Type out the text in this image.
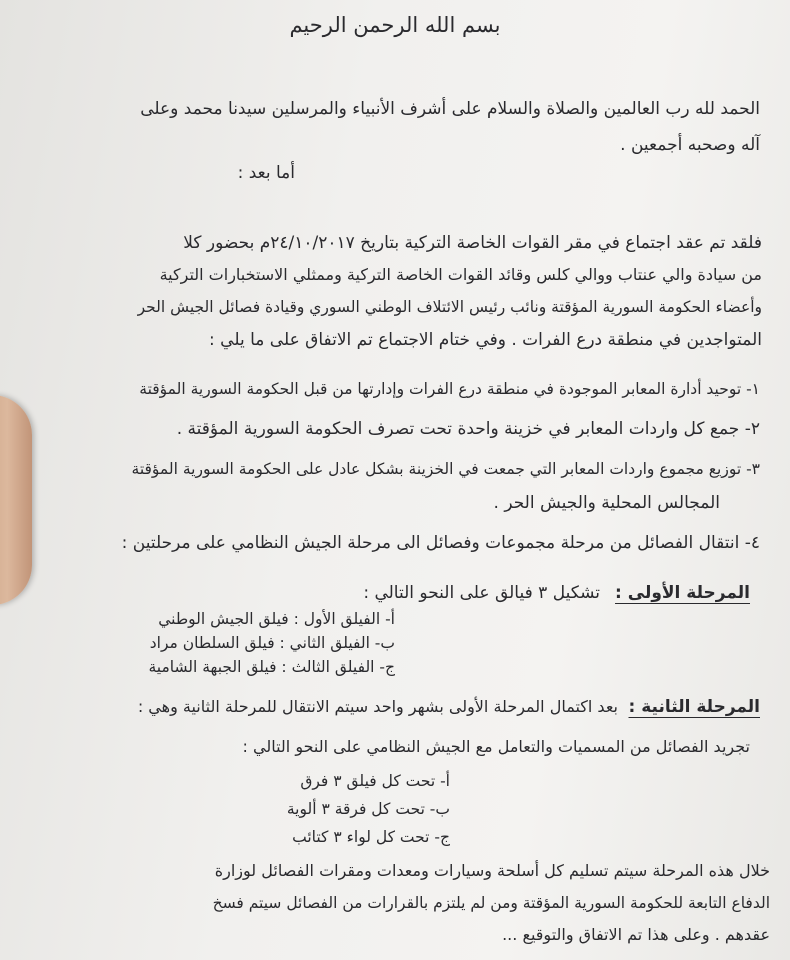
بسم الله الرحمن الرحيم
الحمد لله رب العالمين والصلاة والسلام على أشرف الأنبياء والمرسلين سيدنا محمد وعلى
آله وصحبه أجمعين .
أما بعد :
فلقد تم عقد اجتماع في مقر القوات الخاصة التركية بتاريخ ٢٤/١٠/٢٠١٧م بحضور كلا
من سيادة والي عنتاب ووالي كلس وقائد القوات الخاصة التركية وممثلي الاستخبارات التركية
وأعضاء الحكومة السورية المؤقتة ونائب رئيس الائتلاف الوطني السوري وقيادة فصائل الجيش الحر
المتواجدين في منطقة درع الفرات . وفي ختام الاجتماع تم الاتفاق على ما يلي :
١- توحيد أدارة المعابر الموجودة في منطقة درع الفرات وإدارتها من قبل الحكومة السورية المؤقتة
٢- جمع كل واردات المعابر في خزينة واحدة تحت تصرف الحكومة السورية المؤقتة .
٣- توزيع مجموع واردات المعابر التي جمعت في الخزينة بشكل عادل على الحكومة السورية المؤقتة
المجالس المحلية والجيش الحر .
٤- انتقال الفصائل من مرحلة مجموعات وفصائل الى مرحلة الجيش النظامي على مرحلتين :
المرحلة الأولى :
تشكيل ٣ فيالق على النحو التالي :
أ- الفيلق الأول : فيلق الجيش الوطني
ب- الفيلق الثاني : فيلق السلطان مراد
ج- الفيلق الثالث : فيلق الجبهة الشامية
المرحلة الثانية :
بعد اكتمال المرحلة الأولى بشهر واحد سيتم الانتقال للمرحلة الثانية وهي :
تجريد الفصائل من المسميات والتعامل مع الجيش النظامي على النحو التالي :
أ- تحت كل فيلق ٣ فرق
ب- تحت كل فرقة ٣ ألوية
ج- تحت كل لواء ٣ كتائب
خلال هذه المرحلة سيتم تسليم كل أسلحة وسيارات ومعدات ومقرات الفصائل لوزارة
الدفاع التابعة للحكومة السورية المؤقتة ومن لم يلتزم بالقرارات من الفصائل سيتم فسخ
عقدهم . وعلى هذا تم الاتفاق والتوقيع ...
